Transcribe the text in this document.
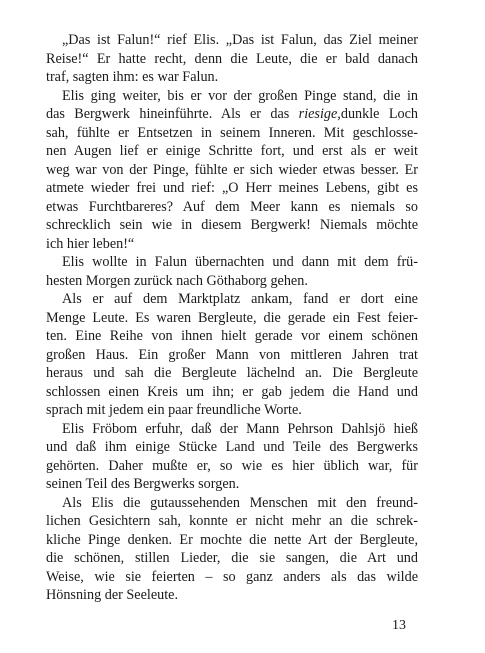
„Das ist Falun!“ rief Elis. „Das ist Falun, das Ziel meiner
Reise!“ Er hatte recht, denn die Leute, die er bald danach
traf, sagten ihm: es war Falun.
Elis ging weiter, bis er vor der großen Pinge stand, die in
das Bergwerk hineinführte. Als er das riesige,dunkle Loch
sah, fühlte er Entsetzen in seinem Inneren. Mit geschlosse-
nen Augen lief er einige Schritte fort, und erst als er weit
weg war von der Pinge, fühlte er sich wieder etwas besser. Er
atmete wieder frei und rief: „O Herr meines Lebens, gibt es
etwas Furchtbareres? Auf dem Meer kann es niemals so
schrecklich sein wie in diesem Bergwerk! Niemals möchte
ich hier leben!“
Elis wollte in Falun übernachten und dann mit dem frü-
hesten Morgen zurück nach Göthaborg gehen.
Als er auf dem Marktplatz ankam, fand er dort eine
Menge Leute. Es waren Bergleute, die gerade ein Fest feier-
ten. Eine Reihe von ihnen hielt gerade vor einem schönen
großen Haus. Ein großer Mann von mittleren Jahren trat
heraus und sah die Bergleute lächelnd an. Die Bergleute
schlossen einen Kreis um ihn; er gab jedem die Hand und
sprach mit jedem ein paar freundliche Worte.
Elis Fröbom erfuhr, daß der Mann Pehrson Dahlsjö hieß
und daß ihm einige Stücke Land und Teile des Bergwerks
gehörten. Daher mußte er, so wie es hier üblich war, für
seinen Teil des Bergwerks sorgen.
Als Elis die gutaussehenden Menschen mit den freund-
lichen Gesichtern sah, konnte er nicht mehr an die schrek-
kliche Pinge denken. Er mochte die nette Art der Bergleute,
die schönen, stillen Lieder, die sie sangen, die Art und
Weise, wie sie feierten – so ganz anders als das wilde
Hönsning der Seeleute.
13
